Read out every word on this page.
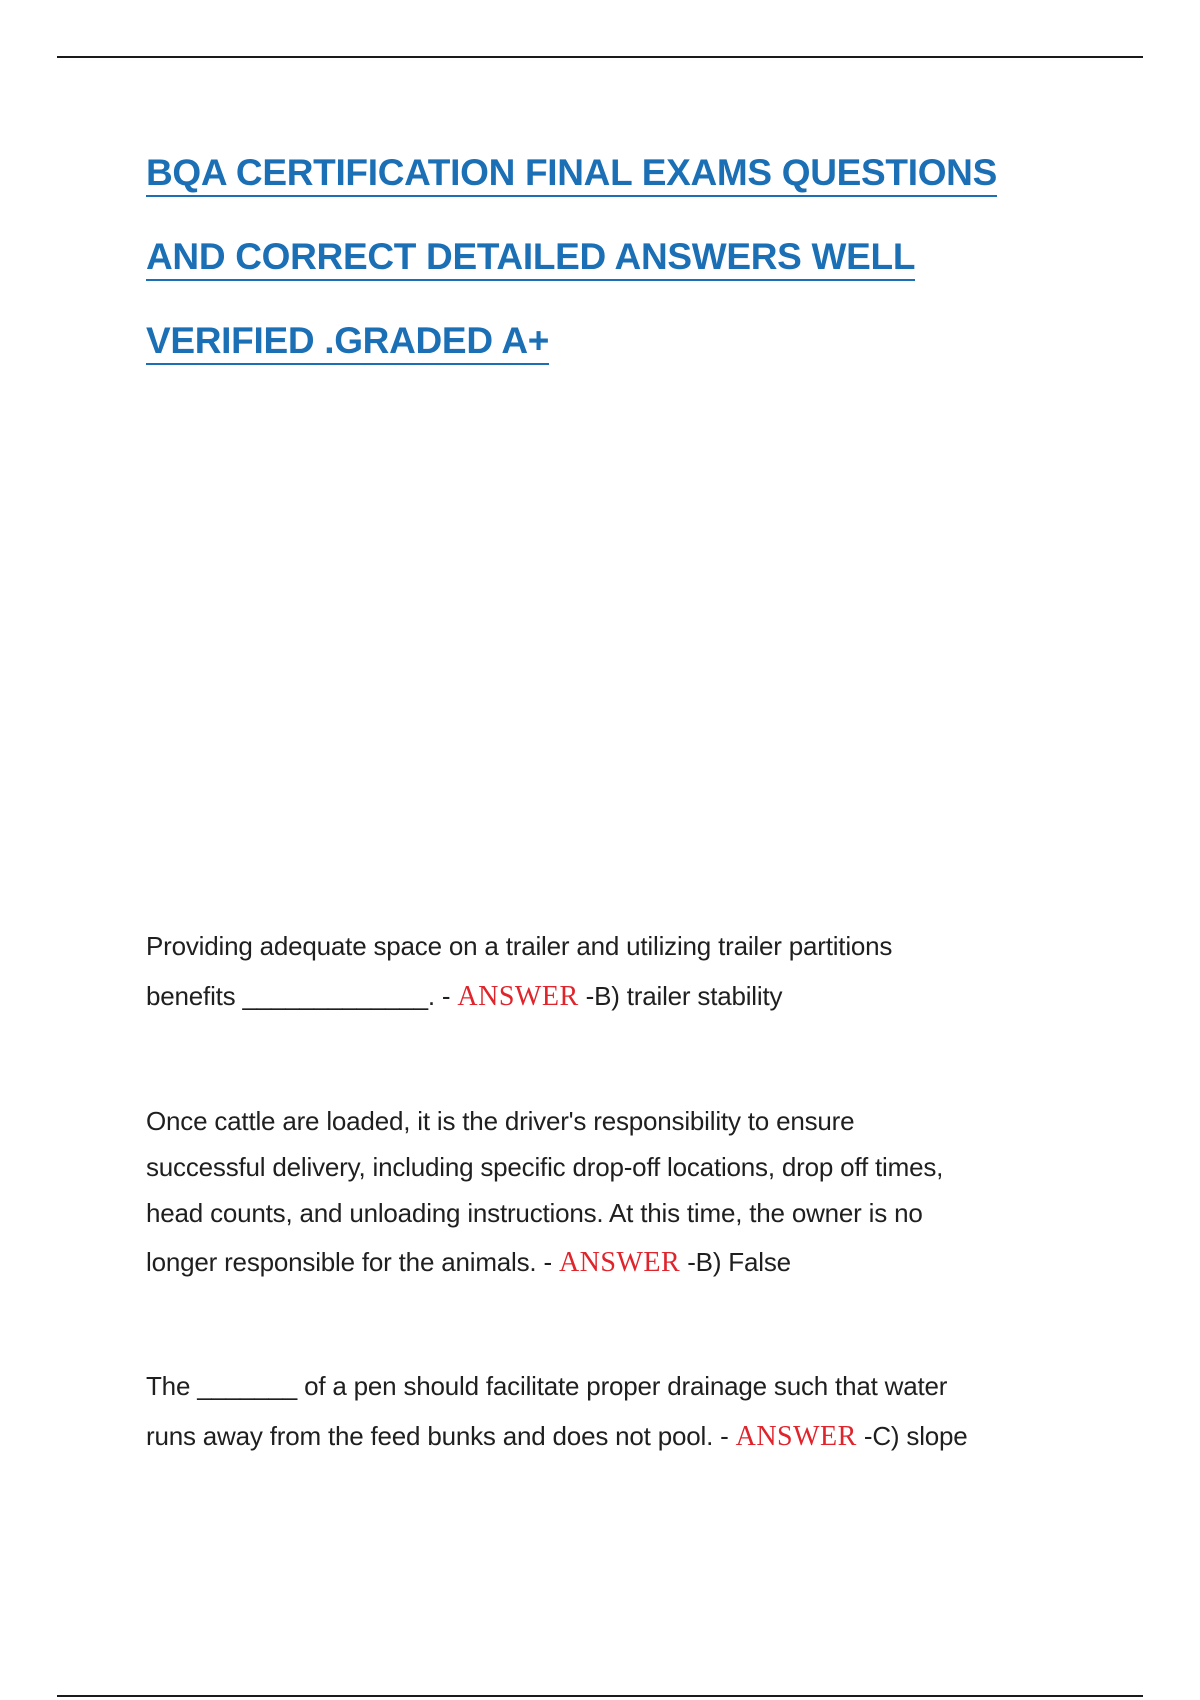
BQA CERTIFICATION FINAL EXAMS QUESTIONS
AND CORRECT DETAILED ANSWERS WELL
VERIFIED .GRADED A+
Providing adequate space on a trailer and utilizing trailer partitions
benefits _____________. - ANSWER -B) trailer stability
Once cattle are loaded, it is the driver's responsibility to ensure
successful delivery, including specific drop-off locations, drop off times,
head counts, and unloading instructions. At this time, the owner is no
longer responsible for the animals. - ANSWER -B) False
The _______ of a pen should facilitate proper drainage such that water
runs away from the feed bunks and does not pool. - ANSWER -C) slope
